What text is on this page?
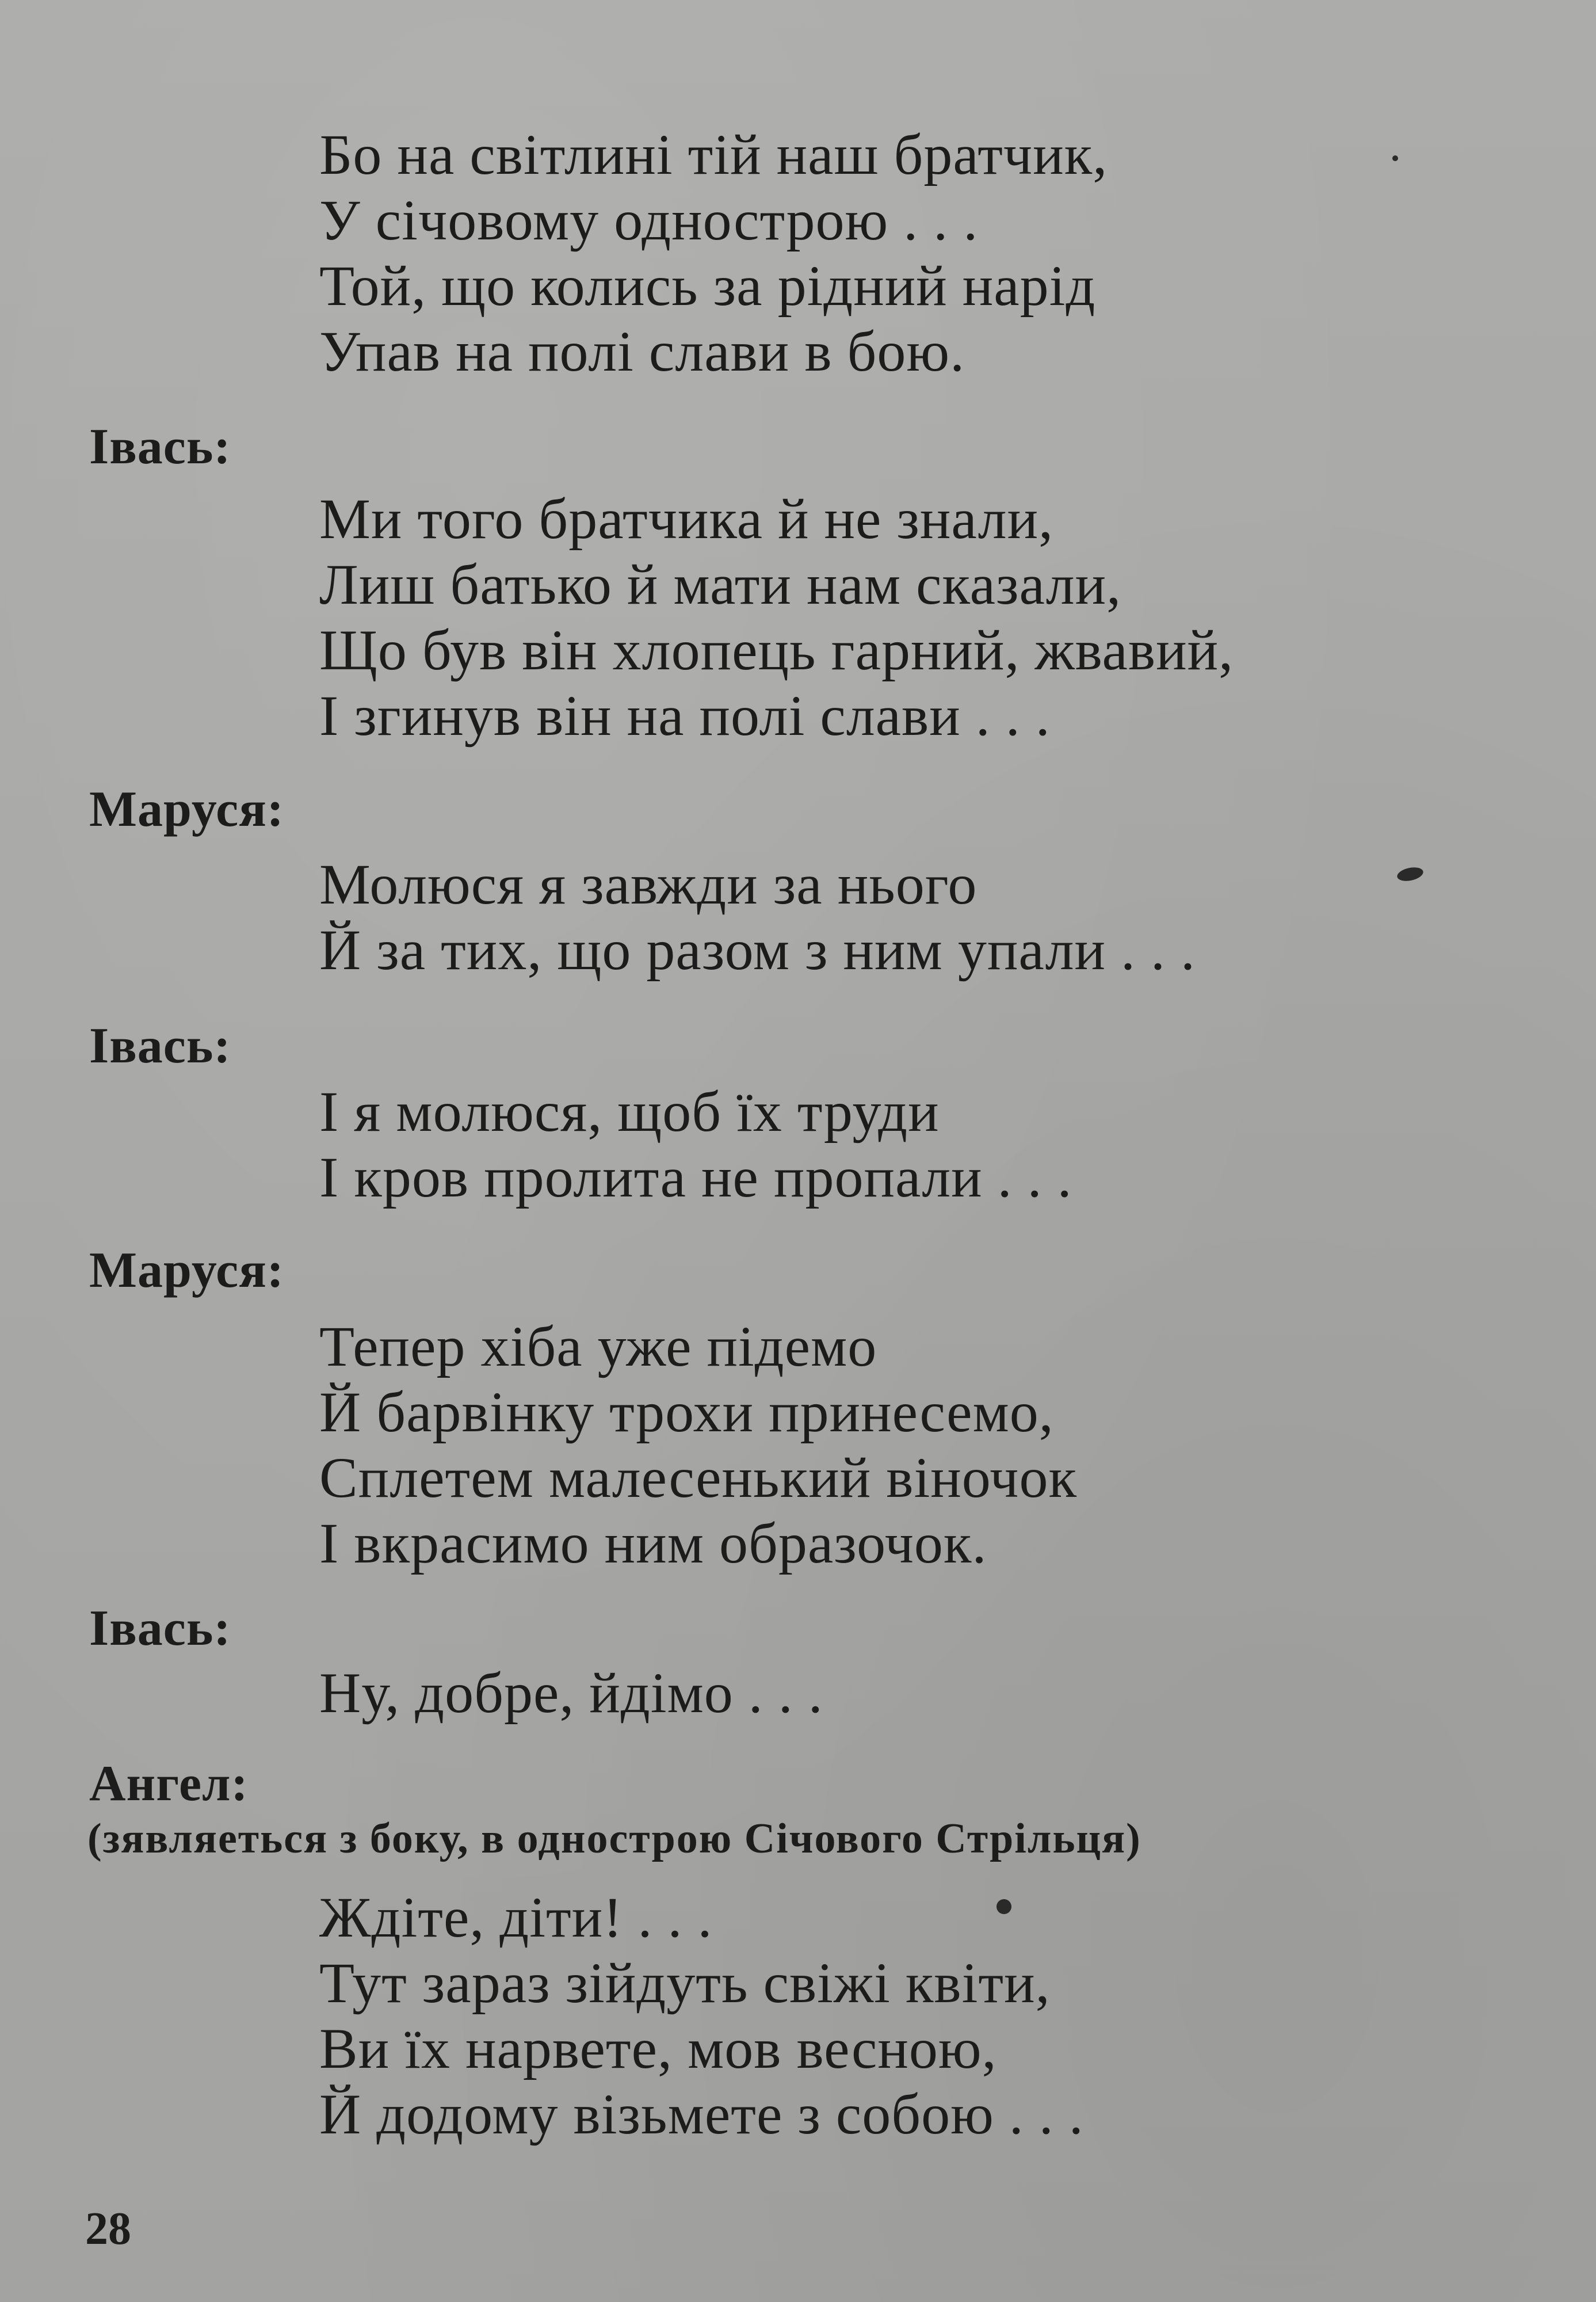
Бо на світлині тій наш братчик,
У січовому однострою . . .
Той, що колись за рідний нарід
Упав на полі слави в бою.
Івась:
Ми того братчика й не знали,
Лиш батько й мати нам сказали,
Що був він хлопець гарний, жвавий,
І згинув він на полі слави . . .
Маруся:
Молюся я завжди за нього
Й за тих, що разом з ним упали . . .
Івась:
І я молюся, щоб їх труди
І кров пролита не пропали . . .
Маруся:
Тепер хіба уже підемо
Й барвінку трохи принесемо,
Сплетем малесенький віночок
І вкрасимо ним образочок.
Івась:
Ну, добре, йдімо . . .
Ангел:
(зявляеться з боку, в однострою Січового Стрільця)
Ждіте, діти! . . .
Тут зараз зійдуть свіжі квіти,
Ви їх нарвете, мов весною,
Й додому візьмете з собою . . .
28
